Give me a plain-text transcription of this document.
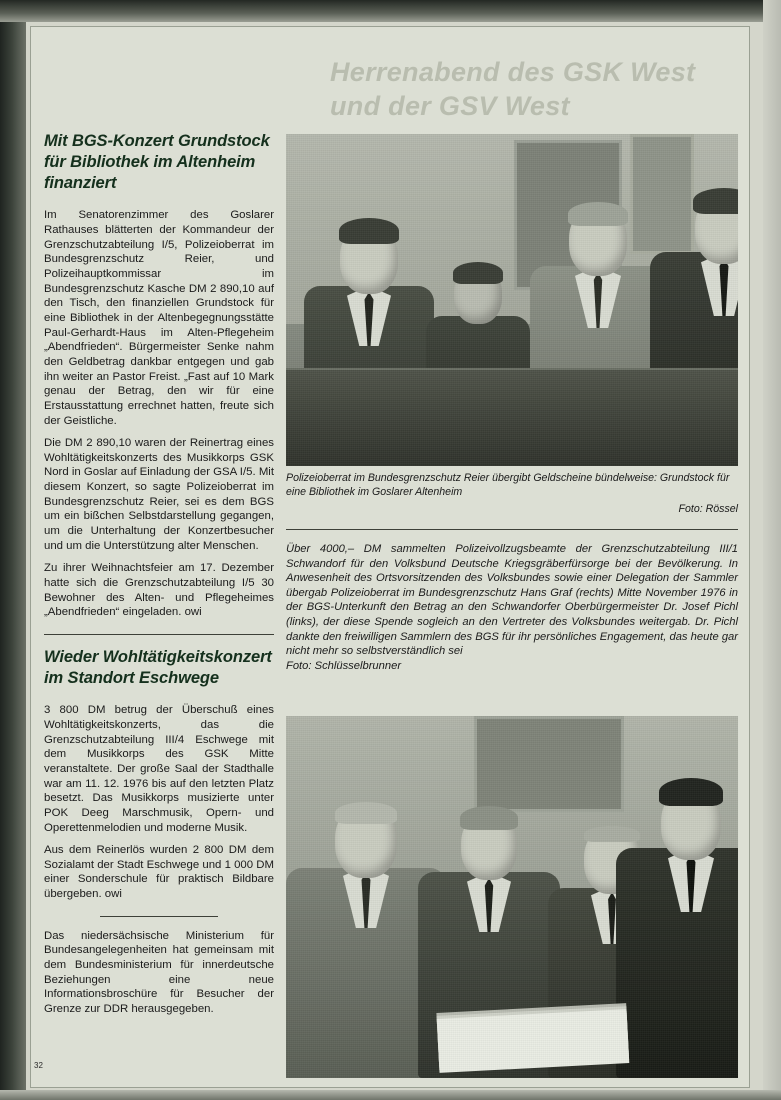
Herrenabend des GSK West und der GSV West
Mit BGS-Konzert Grundstock für Bibliothek im Altenheim finanziert

Im Senatorenzimmer des Goslarer Rathauses blätterten der Kommandeur der Grenzschutzabteilung I/5, Polizeioberrat im Bundesgrenzschutz Reier, und Polizeihauptkommissar im Bundesgrenzschutz Kasche DM 2 890,10 auf den Tisch, den finanziellen Grundstock für eine Bibliothek in der Altenbegegnungsstätte Paul-Gerhardt-Haus im Alten-Pflegeheim „Abendfrieden“. Bürgermeister Senke nahm den Geldbetrag dankbar entgegen und gab ihn weiter an Pastor Freist. „Fast auf 10 Mark genau der Betrag, den wir für eine Erstausstattung errechnet hatten, freute sich der Geistliche.

Die DM 2 890,10 waren der Reinertrag eines Wohltätigkeitskonzerts des Musikkorps GSK Nord in Goslar auf Einladung der GSA I/5. Mit diesem Konzert, so sagte Polizeioberrat im Bundesgrenzschutz Reier, sei es dem BGS um ein bißchen Selbstdarstellung gegangen, um die Unterhaltung der Konzertbesucher und um die Unterstützung alter Menschen.

Zu ihrer Weihnachtsfeier am 17. Dezember hatte sich die Grenzschutzabteilung I/5 30 Bewohner des Alten- und Pflegeheimes „Abendfrieden“ eingeladen. owi

Wieder Wohltätigkeitskonzert im Standort Eschwege

3 800 DM betrug der Überschuß eines Wohltätigkeitskonzerts, das die Grenzschutzabteilung III/4 Eschwege mit dem Musikkorps des GSK Mitte veranstaltete. Der große Saal der Stadthalle war am 11. 12. 1976 bis auf den letzten Platz besetzt. Das Musikkorps musizierte unter POK Deeg Marschmusik, Opern- und Operettenmelodien und moderne Musik.

Aus dem Reinerlös wurden 2 800 DM dem Sozialamt der Stadt Eschwege und 1 000 DM einer Sonderschule für praktisch Bildbare übergeben. owi

Das niedersächsische Ministerium für Bundesangelegenheiten hat gemeinsam mit dem Bundesministerium für innerdeutsche Beziehungen eine neue Informationsbroschüre für Besucher der Grenze zur DDR herausgegeben.

Polizeioberrat im Bundesgrenzschutz Reier übergibt Geldscheine bündelweise: Grundstock für eine Bibliothek im Goslarer Altenheim

Foto: Rössel

Über 4000,– DM sammelten Polizeivollzugsbeamte der Grenzschutzabteilung III/1 Schwandorf für den Volksbund Deutsche Kriegsgräberfürsorge bei der Bevölkerung. In Anwesenheit des Ortsvorsitzenden des Volksbundes sowie einer Delegation der Sammler übergab Polizeioberrat im Bundesgrenzschutz Hans Graf (rechts) Mitte November 1976 in der BGS-Unterkunft den Betrag an den Schwandorfer Oberbürgermeister Dr. Josef Pichl (links), der diese Spende sogleich an den Vertreter des Volksbundes weitergab. Dr. Pichl dankte den freiwilligen Sammlern des BGS für ihr persönliches Engagement, das heute gar nicht mehr so selbstverständlich sei

Foto: Schlüsselbrunner

32
